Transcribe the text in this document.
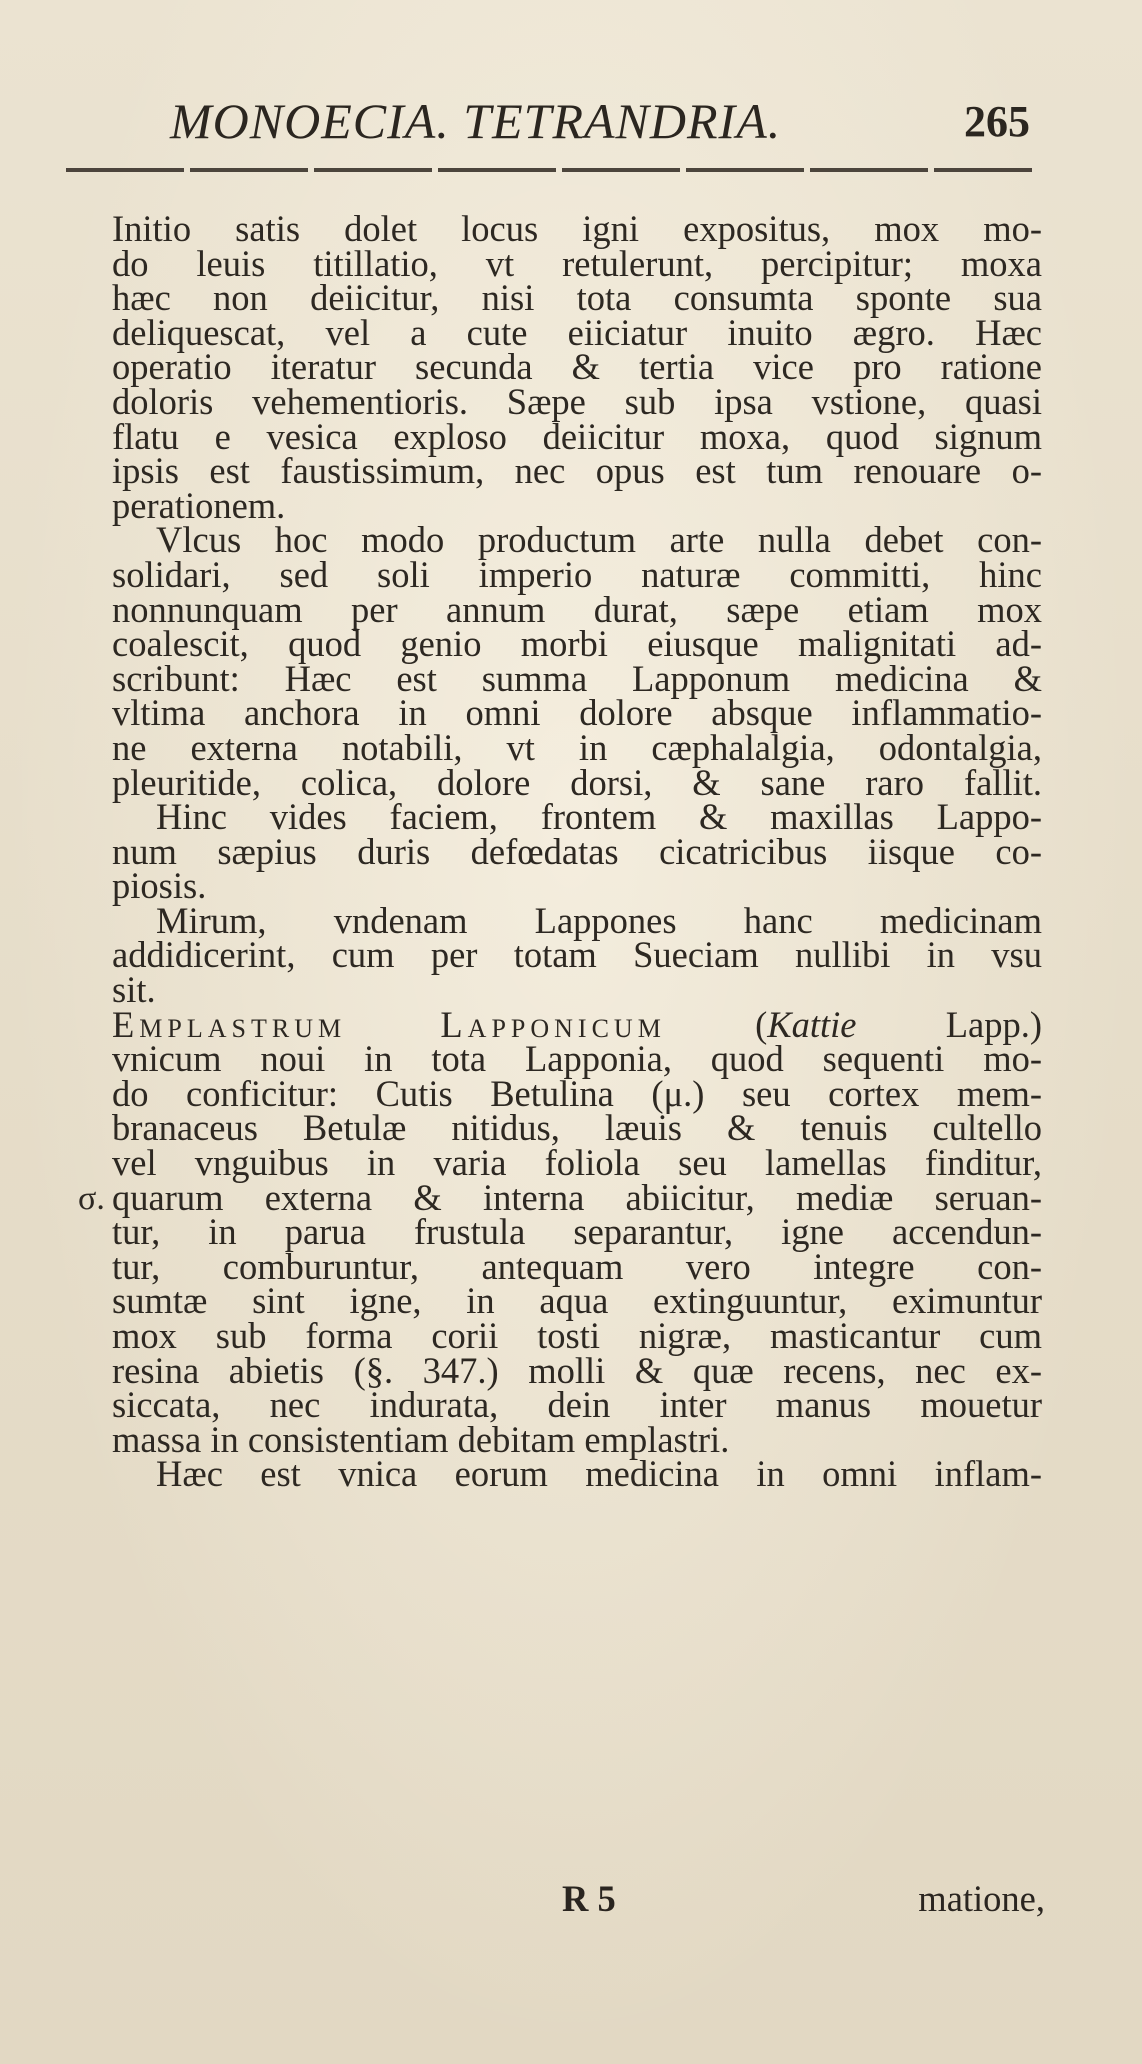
MONOECIA. TETRANDRIA.	265
Initio satis dolet locus igni expositus, mox mo-
do leuis titillatio, vt retulerunt, percipitur; moxa
hæc non deiicitur, nisi tota consumta sponte sua
deliquescat, vel a cute eiiciatur inuito ægro. Hæc
operatio iteratur secunda & tertia vice pro ratione
doloris vehementioris. Sæpe sub ipsa vstione, quasi
flatu e vesica exploso deiicitur moxa, quod signum
ipsis est faustissimum, nec opus est tum renouare o-
perationem.
Vlcus hoc modo productum arte nulla debet con-
solidari, sed soli imperio naturæ committi, hinc
nonnunquam per annum durat, sæpe etiam mox
coalescit, quod genio morbi eiusque malignitati ad-
scribunt: Hæc est summa Lapponum medicina &
vltima anchora in omni dolore absque inflammatio-
ne externa notabili, vt in cæphalalgia, odontalgia,
pleuritide, colica, dolore dorsi, & sane raro fallit.
Hinc vides faciem, frontem & maxillas Lappo-
num sæpius duris defœdatas cicatricibus iisque co-
piosis.
Mirum, vndenam Lappones hanc medicinam
addidicerint, cum per totam Sueciam nullibi in vsu
sit.
Emplastrum Lapponicum (Kattie Lapp.)
vnicum noui in tota Lapponia, quod sequenti mo-
do conficitur: Cutis Betulina (μ.) seu cortex mem-
branaceus Betulæ nitidus, læuis & tenuis cultello
vel vnguibus in varia foliola seu lamellas finditur,
quarum externa & interna abiicitur, mediæ seruan-
tur, in parua frustula separantur, igne accendun-
tur, comburuntur, antequam vero integre con-
sumtæ sint igne, in aqua extinguuntur, eximuntur
mox sub forma corii tosti nigræ, masticantur cum
resina abietis (§. 347.) molli & quæ recens, nec ex-
siccata, nec indurata, dein inter manus mouetur
massa in consistentiam debitam emplastri.
Hæc est vnica eorum medicina in omni inflam-
σ.
R 5	matione,
